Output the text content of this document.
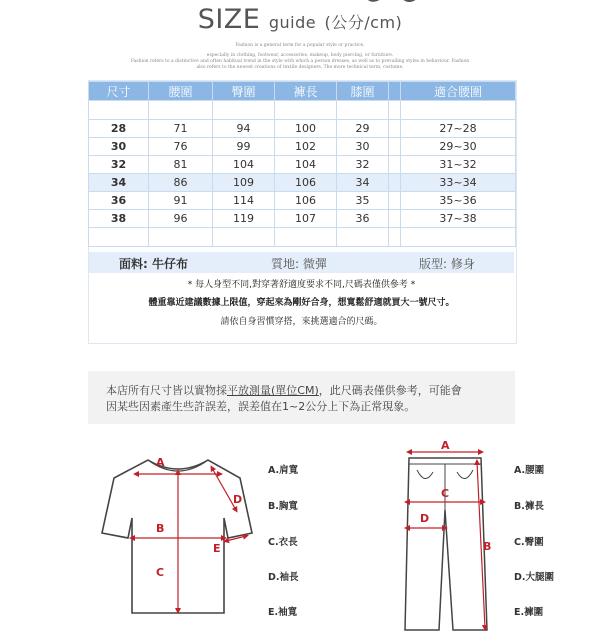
SIZE guide (公分/cm)
Fashion is a general term for a popular style or practice,
especially in clothing, footwear, accessories, makeup, body piercing, or furniture.
Fashion refers to a distinctive and often habitual trend in the style with which a person dresses, as well as to prevailing styles in behaviour. Fashion
also refers to the newest creations of textile designers. The more technical term, costume,
尺寸	腰圍	臀圍	褲長	膝圍		適合腰圍

28	71	94	100	29		27~28
30	76	99	102	30		29~30
32	81	104	104	32		31~32
34	86	109	106	34		33~34
36	91	114	106	35		35~36
38	96	119	107	36		37~38

面料: 牛仔布	質地: 微彈	版型: 修身
* 每人身型不同,對穿著舒適度要求不同,尺碼表僅供參考 *
體重靠近建議數據上限值，穿起來為剛好合身，想寬鬆舒適就買大一號尺寸。
請依自身習慣穿搭，來挑選適合的尺碼。

本店所有尺寸皆以實物採平放測量(單位CM)，此尺碼表僅供參考，可能會
因某些因素產生些許誤差，誤差值在1~2公分上下為正常現象。

A
B
C
D
E
A.肩寬
B.胸寬
C.衣長
D.袖長
E.袖寬
A
C
D
B
A.腰圍
B.褲長
C.臀圍
D.大腿圍
E.褲圍
